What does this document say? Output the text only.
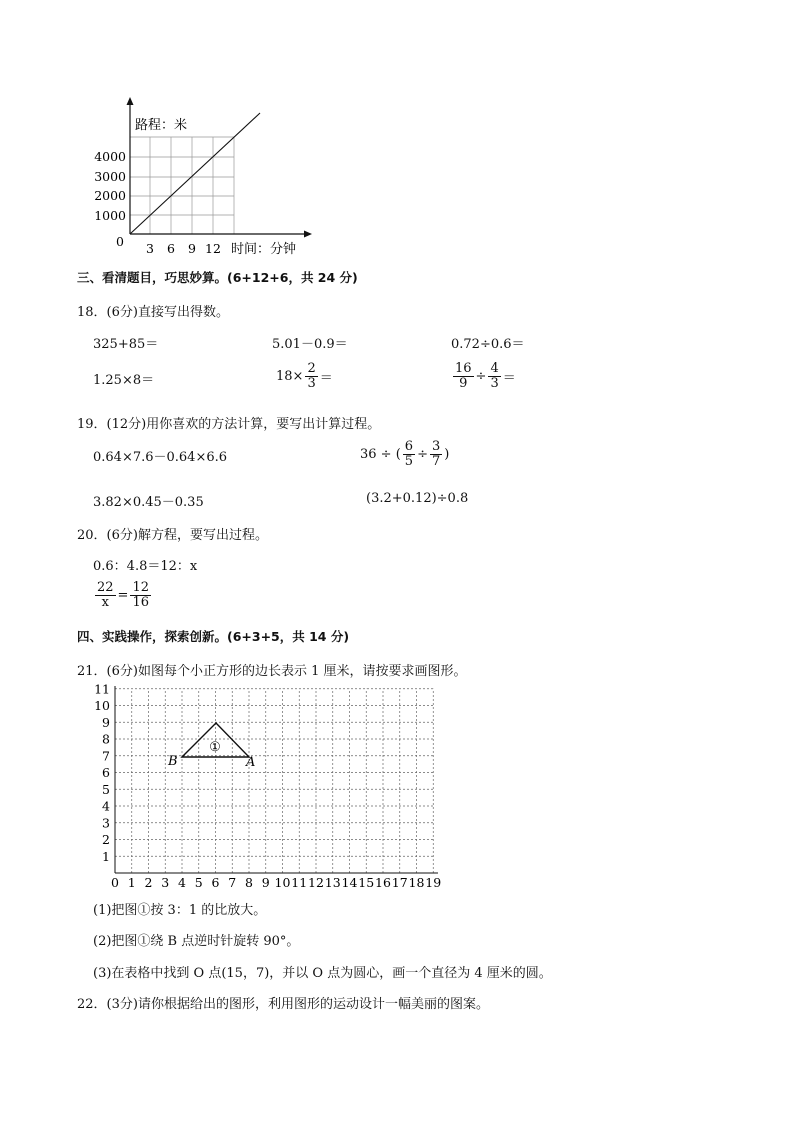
路程：米
4000
3000
2000
1000
0 3 6 9 12 时间：分钟
三、看清题目，巧思妙算。(6+12+6，共 24 分)
18．(6分)直接写出得数。
325+85＝	5.01－0.9＝	0.72÷0.6＝
1.25×8＝	$18\times \frac{2}{3}$ ＝	$\frac{16}{9} \div \frac{4}{3}$ ＝
19．(12分)用你喜欢的方法计算，要写出计算过程。
0.64×7.6－0.64×6.6	36 ÷ ( $\frac{6}{5} \div \frac{3}{7}$ )
3.82×0.45－0.35	(3.2+0.12)÷0.8
20．(6分)解方程，要写出过程。
0.6：4.8＝12：x
$\frac{22}{x} = \frac{12}{16}$
四、实践操作，探索创新。(6+3+5，共 14 分)
21．(6分)如图每个小正方形的边长表示 1 厘米，请按要求画图形。
0 1 2 3 4 5 6 7 8 9 10 11 12 13 14 15 16 17 18 19
1
2
3
4
5
6
7
8
9
10
11
B	A
①
(1)把图①按 3：1 的比放大。
(2)把图①绕 B 点逆时针旋转 90°。
(3)在表格中找到 O 点(15，7)，并以 O 点为圆心，画一个直径为 4 厘米的圆。
22．(3分)请你根据给出的图形，利用图形的运动设计一幅美丽的图案。
